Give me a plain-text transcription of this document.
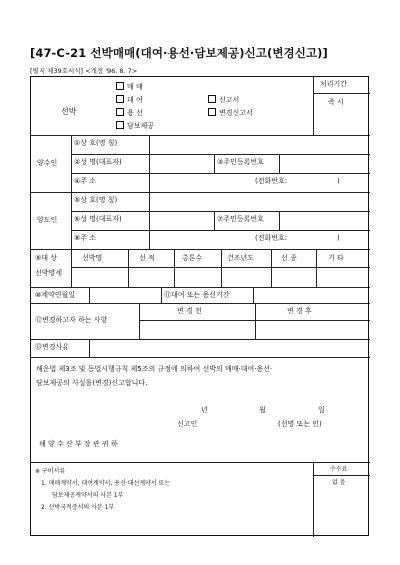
[47-C-21 선박매매(대여·용선·담보제공)신고(변경신고)]
[별지 제39호서식] <개정 '96. 8. 7>
처리기간
즉 시
선박
매 매
대 여
용 선
담보제공
신고서
변경신고서
양수인
①상 호(명 칭)
②성 명(대표자)	③주민등록번호
④주 소	(전화번호:	)
양도인
⑤상 호(명 칭)
⑥성 명(대표자)	⑦주민등록번호
⑧주 소	(전화번호:	)
⑨대 상
선박명세
선박명	선 적	총톤수	건조년도	선 종	기 타
⑩계약연월일	⑪대여 또는 용선기간
⑫변경하고자 하는 사항
변 경 전	변 경 후
⑬변경사유
해운법 제3조 및 동법시행규칙 제5조의 규정에 의하여 선박의 매매·대여·용선·
담보제공의 사실을(변경)신고합니다.
년	월	일
신고인	(선명 또는 인)
해 양 수 산 부 장 관 귀 하
※ 구비서류
1. 매매계약서, 대여계약서, 용선·대선계약서 또는
담보제공계약서의 사본 1부
2. 선박국적증서의 사본 1부
수수료
없 음
